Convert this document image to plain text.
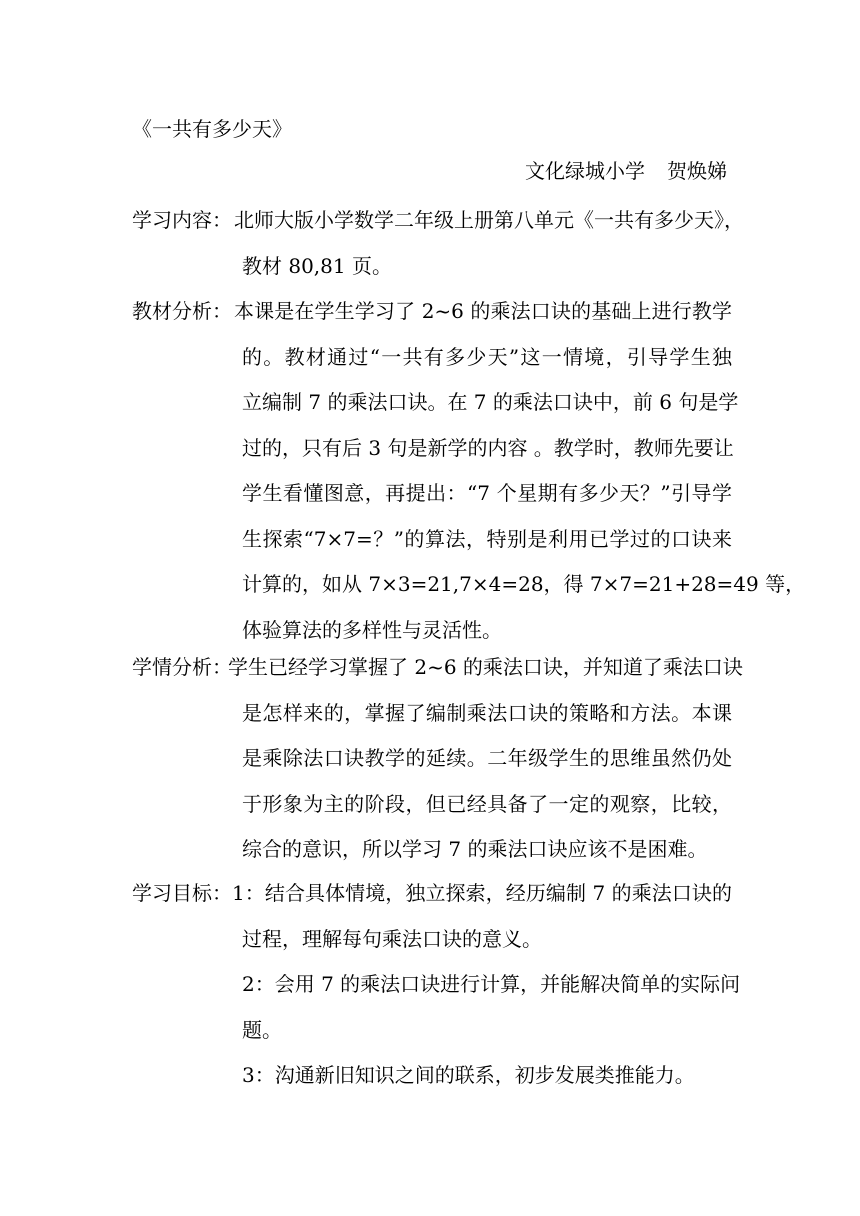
《一共有多少天》
文化绿城小学 贺焕娣
学习内容： 北师大版小学数学二年级上册第八单元《一共有多少天》，
教材 80,81 页。
教材分析： 本课是在学生学习了 2~6 的乘法口诀的基础上进行教学
的。教材通过“一共有多少天”这一情境，引导学生独
立编制 7 的乘法口诀。在 7 的乘法口诀中，前 6 句是学
过的，只有后 3 句是新学的内容 。教学时，教师先要让
学生看懂图意，再提出：“7 个星期有多少天？”引导学
生探索“7×7=？”的算法，特别是利用已学过的口诀来
计算的，如从 7×3=21,7×4=28，得 7×7=21+28=49 等，
体验算法的多样性与灵活性。
学情分析：
学生已经学习掌握了 2~6 的乘法口诀，并知道了乘法口诀
是怎样来的，掌握了编制乘法口诀的策略和方法。本课
是乘除法口诀教学的延续。二年级学生的思维虽然仍处
于形象为主的阶段，但已经具备了一定的观察，比较，
综合的意识，所以学习 7 的乘法口诀应该不是困难。
学习目标： 1：结合具体情境，独立探索，经历编制 7 的乘法口诀的
过程，理解每句乘法口诀的意义。
2：会用 7 的乘法口诀进行计算，并能解决简单的实际问
题。
3：沟通新旧知识之间的联系，初步发展类推能力。
